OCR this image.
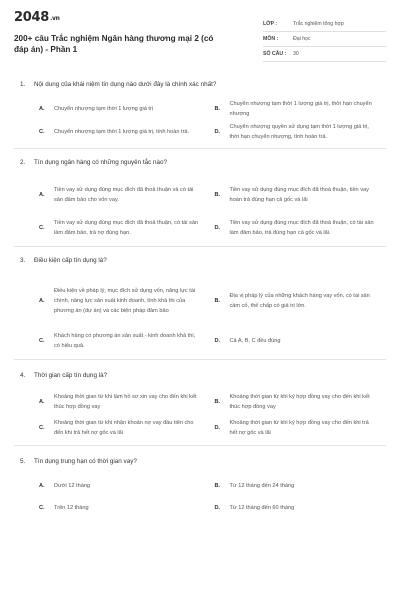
2048.vn
200+ câu Trắc nghiệm Ngân hàng thương mại 2 (có đáp án) - Phần 1
LỚP :	Trắc nghiệm tổng hợp
MÔN :	Đại học
SỐ CÂU :	30
1.	Nội dung của khái niệm tín dụng nào dưới đây là chính xác nhất?
A.	Chuyển nhượng tạm thời 1 lượng giá trị	B.
Chuyển nhượng tạm thời 1 lượng giá trị, thời hạn chuyển nhượng
C.	Chuyển nhượng tạm thời 1 lượng giá trị, tính hoàn trả.	D.
Chuyển nhượng quyền sử dụng tạm thời 1 lượng giá trị, thời hạn chuyển nhượng, tính hoàn trả.
2.	Tín dụng ngân hàng có những nguyên tắc nào?
A.
Tiền vay sử dụng đúng mục đích đã thoả thuận và có tài sản đảm bảo cho vốn vay.
B.
Tiền vay sử dụng đúng mục đích đã thoả thuận, tiền vay hoàn trả đúng hạn cả gốc và lãi
C.
Tiền vay sử dụng đúng mục đích đã thoả thuận, có tài sản làm đảm bảo, trả nợ đúng hạn.
D.
Tiền vay sử dụng đúng mục đích đã thoả thuận, có tài sản làm đảm bảo, trả đúng hạn cả gốc và lãi.
3.	Điều kiện cấp tín dụng là?
A.
Điều kiện về pháp lý, mục đích sử dụng vốn, năng lực tài chính, năng lực sản xuất kinh doanh, tính khả thi của phương án (dự án) và các biện pháp đảm bảo
B.
Địa vị pháp lý của những khách hàng vay vốn, có tài sản cầm cố, thế chấp có giá trị lớn.
C.
Khách hàng có phương án sản xuất - kinh doanh khả thi, có hiệu quả.
D.	Cả A, B, C đều đúng
4.	Thời gian cấp tín dụng là?
A.
Khoảng thời gian từ khi làm hồ sơ xin vay cho đến khi kết thúc hợp đồng vay
B.
Khoảng thời gian từ khi ký hợp đồng vay cho đến khi kết thúc hợp đồng vay
C.
Khoảng thời gian từ khi nhận khoản nợ vay đầu tiên cho đến khi trả hết nợ gốc và lãi
D.
Khoảng thời gian từ khi ký hợp đồng vay cho đến khi trả hết nợ gốc và lãi
5.	Tín dụng trung hạn có thời gian vay?
A.	Dưới 12 tháng	B.	Từ 12 tháng đến 24 tháng
C.	Trên 12 tháng	D.	Từ 12 tháng đến 60 tháng
